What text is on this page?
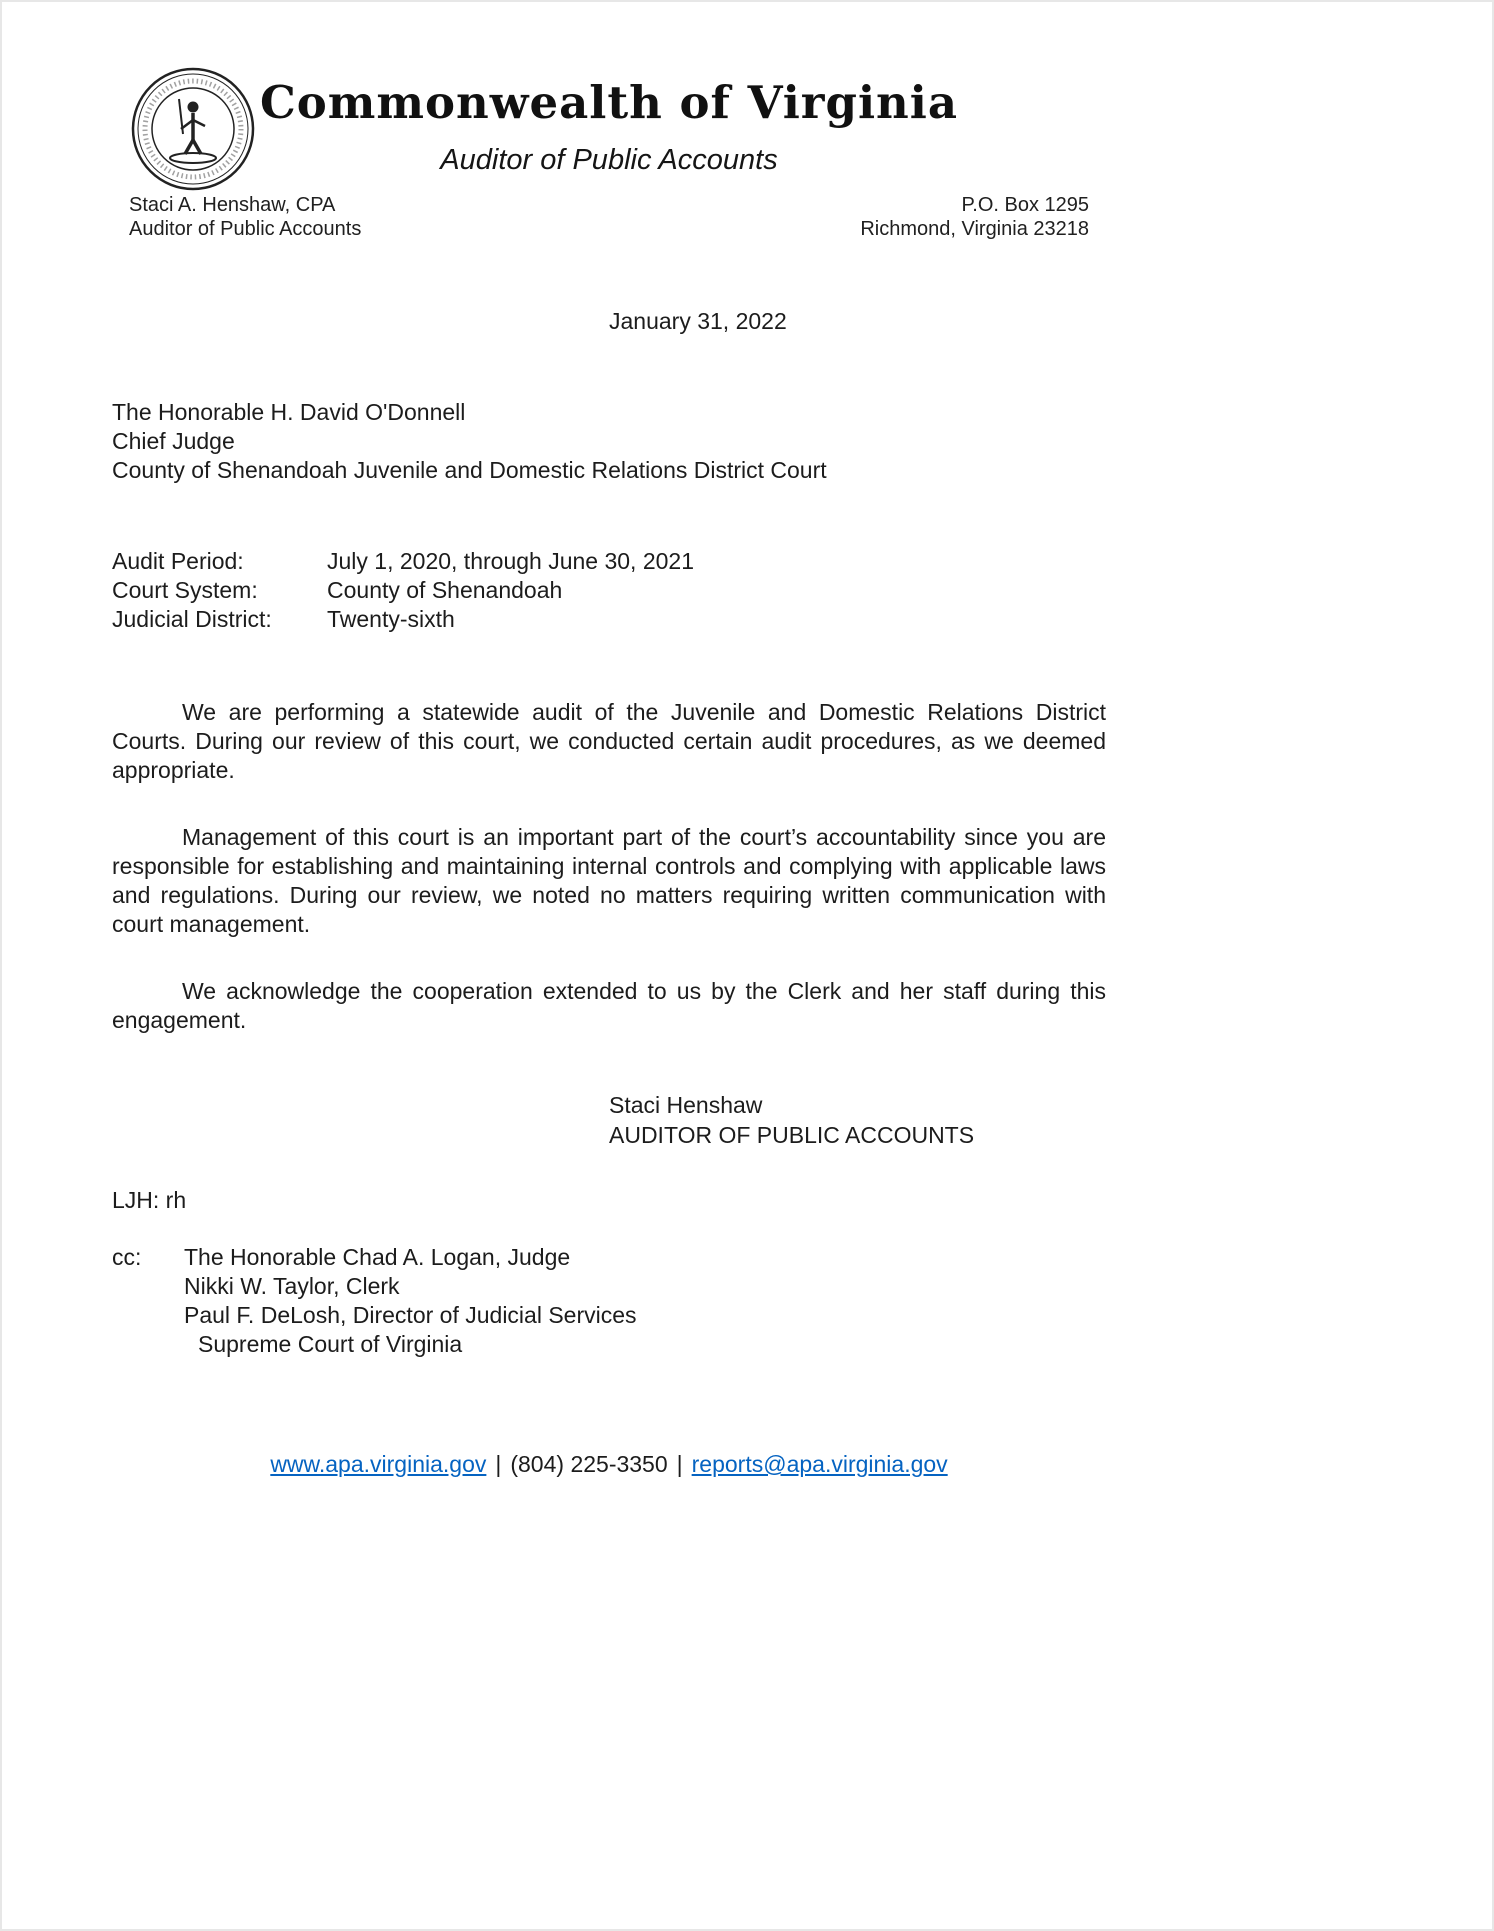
Commonwealth of Virginia
Auditor of Public Accounts
Staci A. Henshaw, CPA
Auditor of Public Accounts
P.O. Box 1295
Richmond, Virginia 23218
January 31, 2022
The Honorable H. David O'Donnell
Chief Judge
County of Shenandoah Juvenile and Domestic Relations District Court
Audit Period:	July 1, 2020, through June 30, 2021
Court System:	County of Shenandoah
Judicial District:	Twenty-sixth

We are performing a statewide audit of the Juvenile and Domestic Relations District Courts. During our review of this court, we conducted certain audit procedures, as we deemed appropriate.

Management of this court is an important part of the court’s accountability since you are responsible for establishing and maintaining internal controls and complying with applicable laws and regulations. During our review, we noted no matters requiring written communication with court management.

We acknowledge the cooperation extended to us by the Clerk and her staff during this engagement.

Staci Henshaw
AUDITOR OF PUBLIC ACCOUNTS
LJH: rh
cc:	The Honorable Chad A. Logan, Judge
Nikki W. Taylor, Clerk
Paul F. DeLosh, Director of Judicial Services
Supreme Court of Virginia
www.apa.virginia.gov | (804) 225-3350 | reports@apa.virginia.gov
